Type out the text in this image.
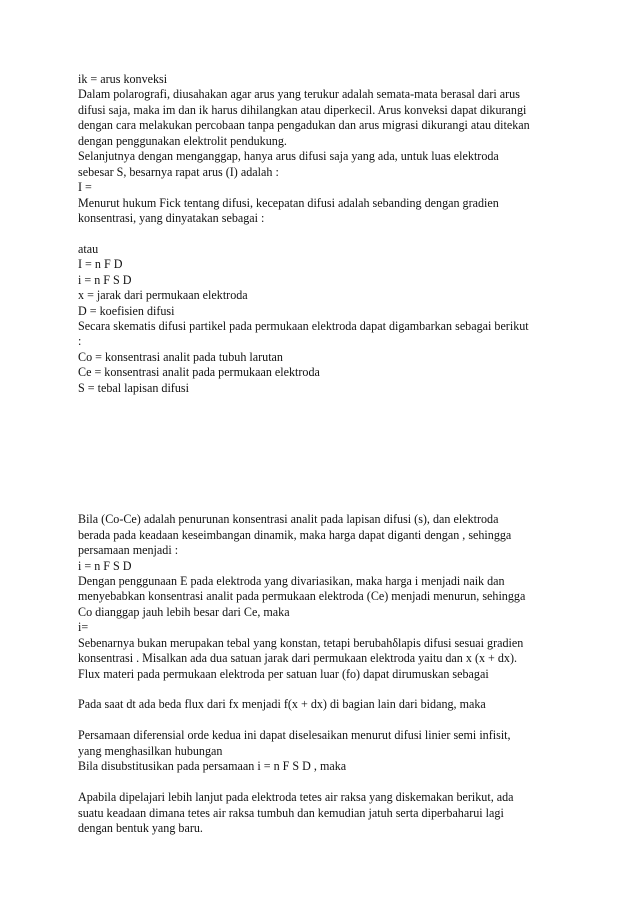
ik = arus konveksi
Dalam polarografi, diusahakan agar arus yang terukur adalah semata-mata berasal dari arus
difusi saja, maka im dan ik harus dihilangkan atau diperkecil. Arus konveksi dapat dikurangi
dengan cara melakukan percobaan tanpa pengadukan dan arus migrasi dikurangi atau ditekan
dengan penggunakan elektrolit pendukung.
Selanjutnya dengan menganggap, hanya arus difusi saja yang ada, untuk luas elektroda
sebesar S, besarnya rapat arus (I) adalah :
I =
Menurut hukum Fick tentang difusi, kecepatan difusi adalah sebanding dengan gradien
konsentrasi, yang dinyatakan sebagai :
atau
I = n F D
i = n F S D
x = jarak dari permukaan elektroda
D = koefisien difusi
Secara skematis difusi partikel pada permukaan elektroda dapat digambarkan sebagai berikut
:
Co = konsentrasi analit pada tubuh larutan
Ce = konsentrasi analit pada permukaan elektroda
S = tebal lapisan difusi
Bila (Co-Ce) adalah penurunan konsentrasi analit pada lapisan difusi (s), dan elektroda
berada pada keadaan keseimbangan dinamik, maka harga dapat diganti dengan , sehingga
persamaan menjadi :
i = n F S D
Dengan penggunaan E pada elektroda yang divariasikan, maka harga i menjadi naik dan
menyebabkan konsentrasi analit pada permukaan elektroda (Ce) menjadi menurun, sehingga
Co dianggap jauh lebih besar dari Ce, maka
i=
Sebenarnya bukan merupakan tebal yang konstan, tetapi berubahδlapis difusi sesuai gradien
konsentrasi . Misalkan ada dua satuan jarak dari permukaan elektroda yaitu dan x (x + dx).
Flux materi pada permukaan elektroda per satuan luar (fo) dapat dirumuskan sebagai
Pada saat dt ada beda flux dari fx menjadi f(x + dx) di bagian lain dari bidang, maka
Persamaan diferensial orde kedua ini dapat diselesaikan menurut difusi linier semi infisit,
yang menghasilkan hubungan
Bila disubstitusikan pada persamaan i = n F S D , maka
Apabila dipelajari lebih lanjut pada elektroda tetes air raksa yang diskemakan berikut, ada
suatu keadaan dimana tetes air raksa tumbuh dan kemudian jatuh serta diperbaharui lagi
dengan bentuk yang baru.
